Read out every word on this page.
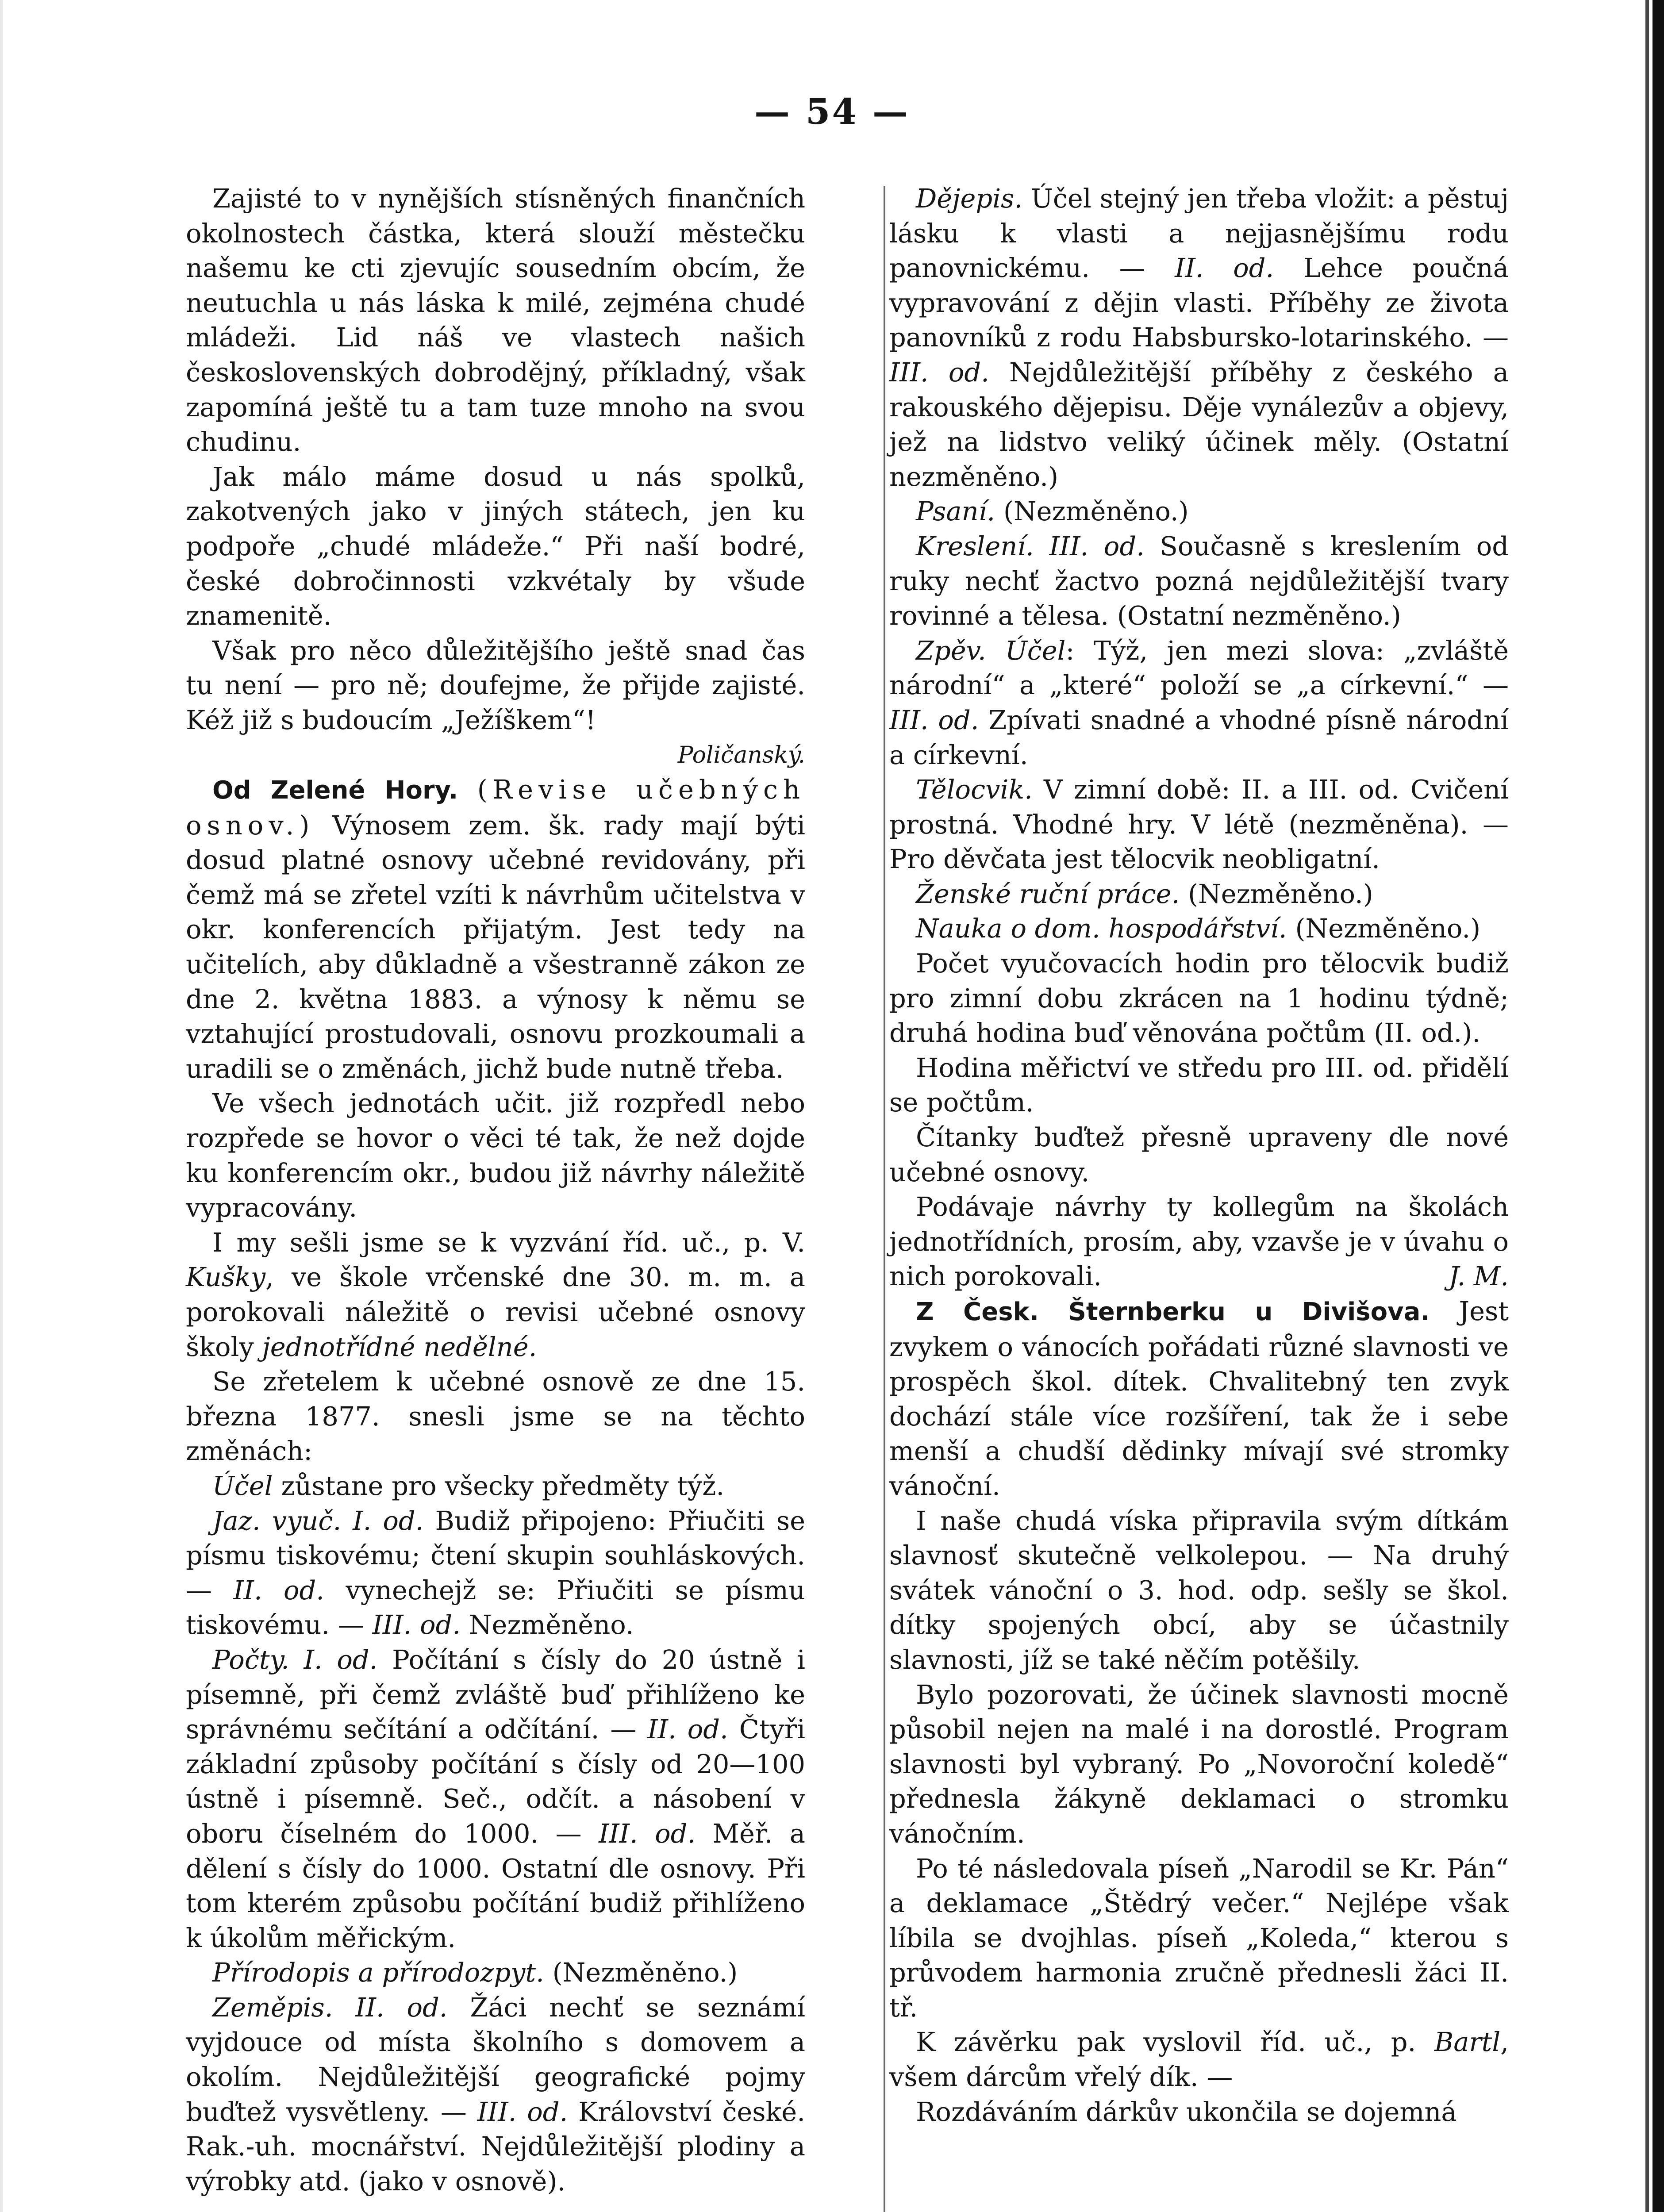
— 54 —

Zajisté to v nynějších stísněných finančních okolnostech částka, která slouží městečku našemu ke cti zjevujíc sousedním obcím, že neutuchla u nás láska k milé, zejména chudé mládeži. Lid náš ve vlastech našich československých dobrodějný, příkladný, však zapomíná ještě tu a tam tuze mnoho na svou chudinu.

Jak málo máme dosud u nás spolků, zakotvených jako v jiných státech, jen ku podpoře „chudé mládeže.“ Při naší bodré, české dobročinnosti vzkvétaly by všude znamenitě.

Však pro něco důležitějšího ještě snad čas tu není — pro ně; doufejme, že přijde zajisté. Kéž již s budoucím „Ježíškem“!

Poličanský.

Od Zelené Hory. (Revise učebných osnov.) Výnosem zem. šk. rady mají býti dosud platné osnovy učebné revidovány, při čemž má se zřetel vzíti k návrhům učitelstva v okr. konferencích přijatým. Jest tedy na učitelích, aby důkladně a všestranně zákon ze dne 2. května 1883. a výnosy k němu se vztahující prostudovali, osnovu prozkoumali a uradili se o změnách, jichž bude nutně třeba.

Ve všech jednotách učit. již rozpředl nebo rozpřede se hovor o věci té tak, že než dojde ku konferencím okr., budou již návrhy náležitě vypracovány.

I my sešli jsme se k vyzvání říd. uč., p. V. Kušky, ve škole vrčenské dne 30. m. m. a porokovali náležitě o revisi učebné osnovy školy jednotřídné nedělné.

Se zřetelem k učebné osnově ze dne 15. března 1877. snesli jsme se na těchto změnách:

Účel zůstane pro všecky předměty týž.

Jaz. vyuč. I. od. Budiž připojeno: Přiučiti se písmu tiskovému; čtení skupin souhláskových. — II. od. vynechejž se: Přiučiti se písmu tiskovému. — III. od. Nezměněno.

Počty. I. od. Počítání s čísly do 20 ústně i písemně, při čemž zvláště buď přihlíženo ke správnému sečítání a odčítání. — II. od. Čtyři základní způsoby počítání s čísly od 20—100 ústně i písemně. Seč., odčít. a násobení v oboru číselném do 1000. — III. od. Měř. a dělení s čísly do 1000. Ostatní dle osnovy. Při tom kterém způsobu počítání budiž přihlíženo k úkolům měřickým.

Přírodopis a přírodozpyt. (Nezměněno.)

Zeměpis. II. od. Žáci nechť se seznámí vyjdouce od místa školního s domovem a okolím. Nejdůležitější geografické pojmy buďtež vysvětleny. — III. od. Království české. Rak.-uh. mocnářství. Nejdůležitější plodiny a výrobky atd. (jako v osnově).

Dějepis. Účel stejný jen třeba vložit: a pěstuj lásku k vlasti a nejjasnějšímu rodu panovnickému. — II. od. Lehce poučná vypravování z dějin vlasti. Příběhy ze života panovníků z rodu Habsbursko-lotarinského. — III. od. Nejdůležitější příběhy z českého a rakouského dějepisu. Děje vynálezův a objevy, jež na lidstvo veliký účinek měly. (Ostatní nezměněno.)

Psaní. (Nezměněno.)

Kreslení. III. od. Současně s kreslením od ruky nechť žactvo pozná nejdůležitější tvary rovinné a tělesa. (Ostatní nezměněno.)

Zpěv. Účel: Týž, jen mezi slova: „zvláště národní“ a „které“ položí se „a církevní.“ — III. od. Zpívati snadné a vhodné písně národní a církevní.

Tělocvik. V zimní době: II. a III. od. Cvičení prostná. Vhodné hry. V létě (nezměněna). — Pro děvčata jest tělocvik neobligatní.

Ženské ruční práce. (Nezměněno.)

Nauka o dom. hospodářství. (Nezměněno.)

Počet vyučovacích hodin pro tělocvik budiž pro zimní dobu zkrácen na 1 hodinu týdně; druhá hodina buď věnována počtům (II. od.).

Hodina měřictví ve středu pro III. od. přidělí se počtům.

Čítanky buďtež přesně upraveny dle nové učebné osnovy.

Podávaje návrhy ty kollegům na školách jednotřídních, prosím, aby, vzavše je v úvahu o nich porokovali.	J. M.

Z Česk. Šternberku u Divišova. Jest zvykem o vánocích pořádati různé slavnosti ve prospěch škol. dítek. Chvalitebný ten zvyk dochází stále více rozšíření, tak že i sebe menší a chudší dědinky mívají své stromky vánoční.

I naše chudá víska připravila svým dítkám slavnosť skutečně velkolepou. — Na druhý svátek vánoční o 3. hod. odp. sešly se škol. dítky spojených obcí, aby se účastnily slavnosti, jíž se také něčím potěšily.

Bylo pozorovati, že účinek slavnosti mocně působil nejen na malé i na dorostlé. Program slavnosti byl vybraný. Po „Novoroční koledě“ přednesla žákyně deklamaci o stromku vánočním.

Po té následovala píseň „Narodil se Kr. Pán“ a deklamace „Štědrý večer.“ Nejlépe však líbila se dvojhlas. píseň „Koleda,“ kterou s průvodem harmonia zručně přednesli žáci II. tř.

K závěrku pak vyslovil říd. uč., p. Bartl, všem dárcům vřelý dík. —

Rozdáváním dárkův ukončila se dojemná
